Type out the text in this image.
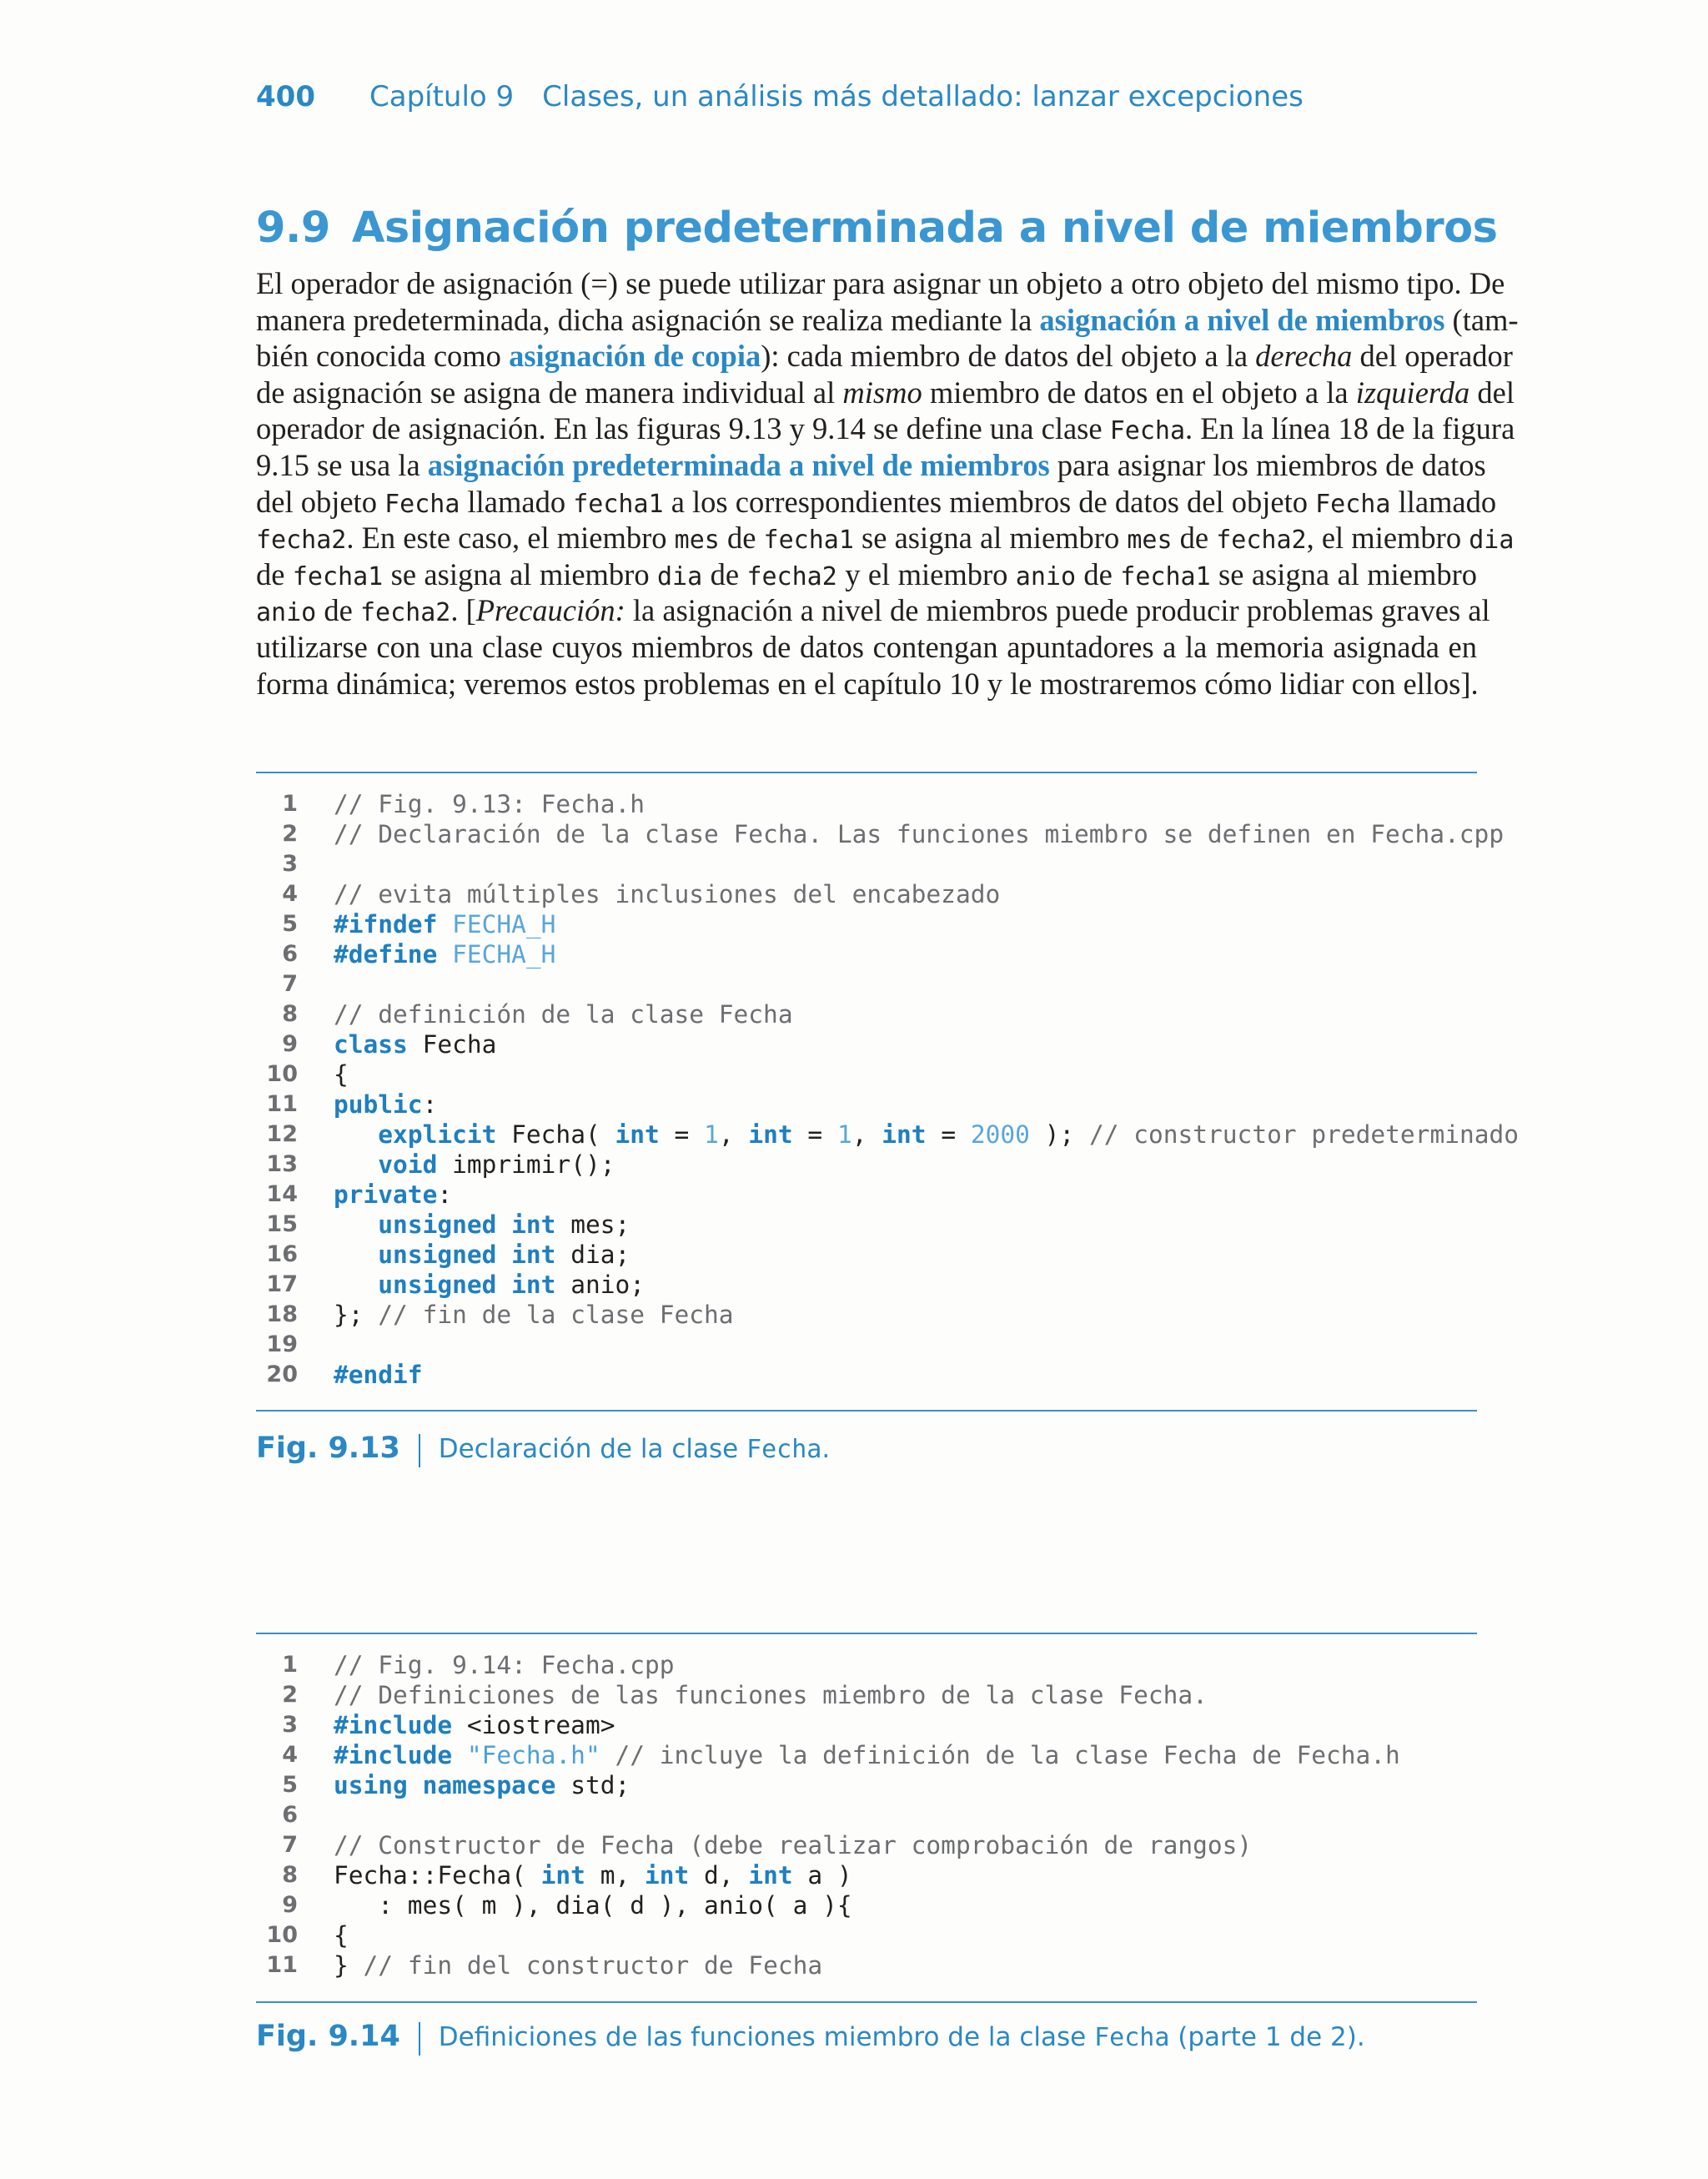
400 Capítulo 9 Clases, un análisis más detallado: lanzar excepciones
9.9 Asignación predeterminada a nivel de miembros
El operador de asignación (=) se puede utilizar para asignar un objeto a otro objeto del mismo tipo. De
manera predeterminada, dicha asignación se realiza mediante la asignación a nivel de miembros (tam-
bién conocida como asignación de copia): cada miembro de datos del objeto a la derecha del operador
de asignación se asigna de manera individual al mismo miembro de datos en el objeto a la izquierda del
operador de asignación. En las figuras 9.13 y 9.14 se define una clase Fecha. En la línea 18 de la figura
9.15 se usa la asignación predeterminada a nivel de miembros para asignar los miembros de datos
del objeto Fecha llamado fecha1 a los correspondientes miembros de datos del objeto Fecha llamado
fecha2. En este caso, el miembro mes de fecha1 se asigna al miembro mes de fecha2, el miembro dia
de fecha1 se asigna al miembro dia de fecha2 y el miembro anio de fecha1 se asigna al miembro
anio de fecha2. [Precaución: la asignación a nivel de miembros puede producir problemas graves al
utilizarse con una clase cuyos miembros de datos contengan apuntadores a la memoria asignada en
forma dinámica; veremos estos problemas en el capítulo 10 y le mostraremos cómo lidiar con ellos].
1 // Fig. 9.13: Fecha.h
2 // Declaración de la clase Fecha. Las funciones miembro se definen en Fecha.cpp
3
4 // evita múltiples inclusiones del encabezado
5 #ifndef FECHA_H
6 #define FECHA_H
7
8 // definición de la clase Fecha
9 class Fecha
10 {
11 public:
12	explicit Fecha( int = 1, int = 1, int = 2000 ); // constructor predeterminado
13	void imprimir();
14 private:
15	unsigned int mes;
16	unsigned int dia;
17	unsigned int anio;
18 }; // fin de la clase Fecha
19
20 #endif
Fig. 9.13 Declaración de la clase Fecha.
1 // Fig. 9.14: Fecha.cpp
2 // Definiciones de las funciones miembro de la clase Fecha.
3 #include <iostream>
4 #include "Fecha.h" // incluye la definición de la clase Fecha de Fecha.h
5 using namespace std;
6
7 // Constructor de Fecha (debe realizar comprobación de rangos)
8 Fecha::Fecha( int m, int d, int a )
9 : mes( m ), dia( d ), anio( a ){
10 {
11 } // fin del constructor de Fecha
Fig. 9.14 Definiciones de las funciones miembro de la clase Fecha (parte 1 de 2).
